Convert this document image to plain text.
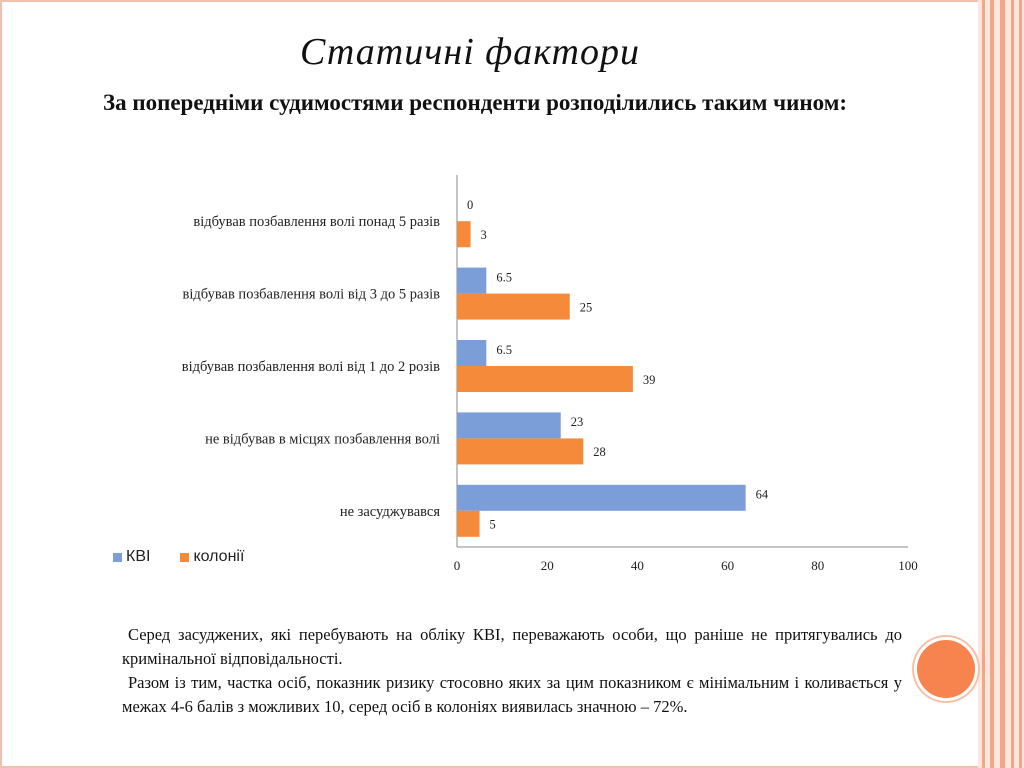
Статичні фактори
За попередніми судимостями респонденти розподілились таким чином:
0	20	40	60	80	100
відбував позбавлення волі понад 5 разів
0
3
відбував позбавлення волі від 3 до 5 разів
6.5
25
відбував позбавлення волі від 1 до 2 розів
6.5
39
не відбував в місцях позбавлення волі
23
28
не засуджувався
64
5
КВІ	колонії

Серед засуджених, які перебувають на обліку КВІ, переважають особи, що раніше не притягувались до кримінальної відповідальності.

Разом із тим, частка осіб, показник ризику стосовно яких за цим показником є мінімальним і коливається у межах 4-6 балів з можливих 10, серед осіб в колоніях виявилась значною – 72%.
